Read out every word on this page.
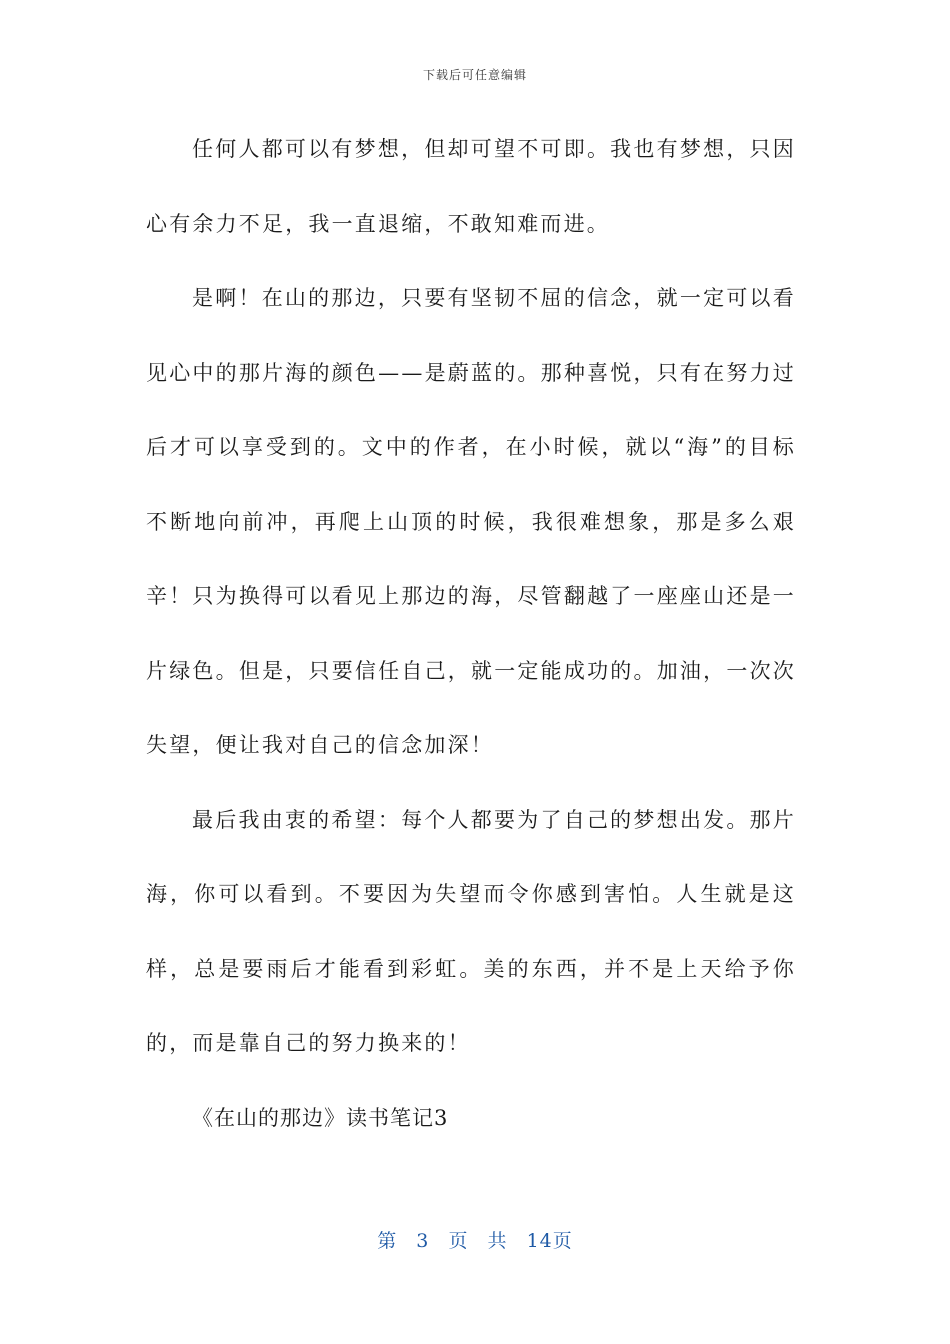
下载后可任意编辑

任何人都可以有梦想，但却可望不可即。我也有梦想，只因心有余力不足，我一直退缩，不敢知难而进。

是啊！在山的那边，只要有坚韧不屈的信念，就一定可以看见心中的那片海的颜色——是蔚蓝的。那种喜悦，只有在努力过后才可以享受到的。文中的作者，在小时候，就以“海”的目标不断地向前冲，再爬上山顶的时候，我很难想象，那是多么艰辛！只为换得可以看见上那边的海，尽管翻越了一座座山还是一片绿色。但是，只要信任自己，就一定能成功的。加油，一次次失望，便让我对自己的信念加深！

最后我由衷的希望：每个人都要为了自己的梦想出发。那片海，你可以看到。不要因为失望而令你感到害怕。人生就是这样，总是要雨后才能看到彩虹。美的东西，并不是上天给予你的，而是靠自己的努力换来的！

《在山的那边》读书笔记3

第 3 页 共 14页
